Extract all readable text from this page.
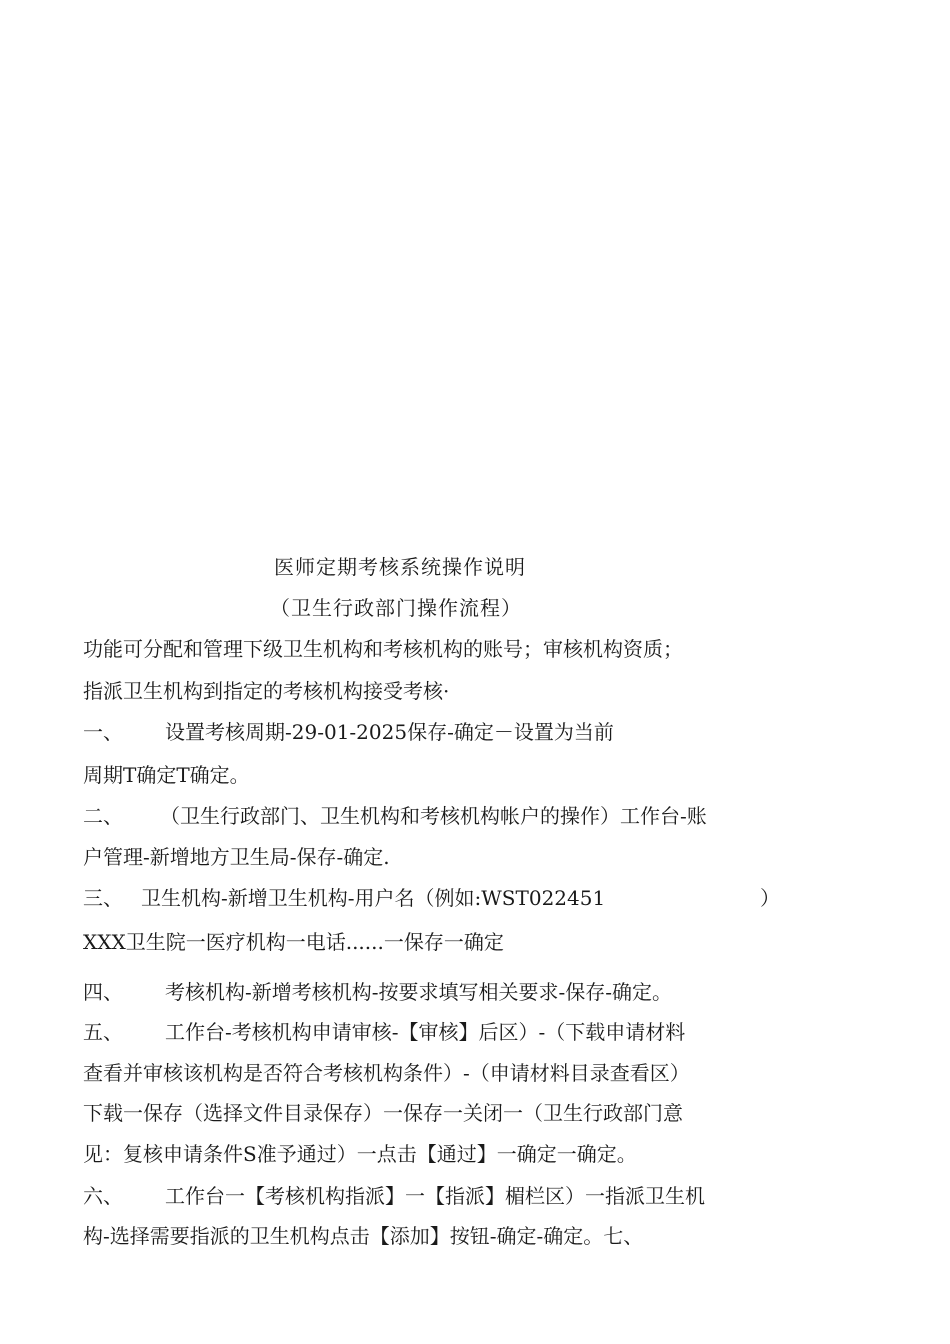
医师定期考核系统操作说明
（卫生行政部门操作流程）
功能可分配和管理下级卫生机构和考核机构的账号；审核机构资质；
指派卫生机构到指定的考核机构接受考核·
一、 设置考核周期-29-01-2025保存-确定－设置为当前
周期T确定T确定。
二、 （卫生行政部门、卫生机构和考核机构帐户的操作）工作台-账
户管理-新增地方卫生局-保存-确定.
三、 卫生机构-新增卫生机构-用户名（例如:WST022451	）
XXX卫生院一医疗机构一电话......一保存一确定
四、 考核机构-新增考核机构-按要求填写相关要求-保存-确定。
五、 工作台-考核机构申请审核-【审核】后区）-（下载申请材料
查看并审核该机构是否符合考核机构条件）-（申请材料目录查看区）
下载一保存（选择文件目录保存）一保存一关闭一（卫生行政部门意
见：复核申请条件S准予通过）一点击【通过】一确定一确定。
六、 工作台一【考核机构指派】一【指派】楣栏区）一指派卫生机
构-选择需要指派的卫生机构点击【添加】按钮-确定-确定。七、
